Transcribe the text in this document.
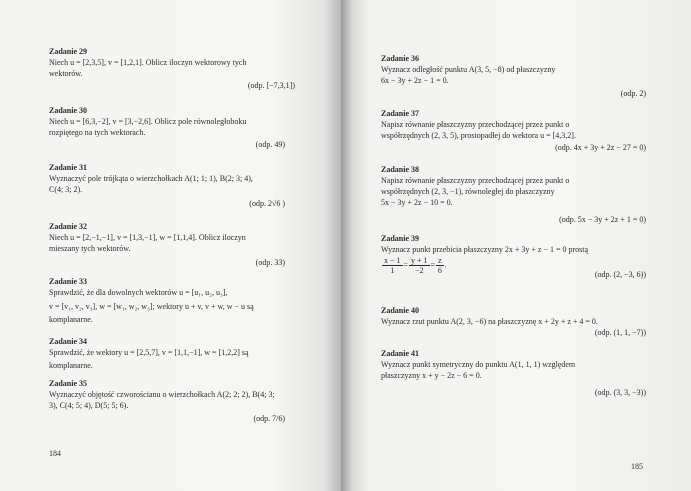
Zadanie 29
Niech u = [2,3,5], v = [1,2,1]. Oblicz iloczyn wektorowy tych
wektorów.
(odp. [−7,3,1])
Zadanie 30
Niech u = [6,3,−2], v = [3,−2,6]. Oblicz pole równoległoboku
rozpiętego na tych wektorach.
(odp. 49)
Zadanie 31
Wyznaczyć pole trójkąta o wierzchołkach A(1; 1; 1), B(2; 3; 4),
C(4; 3; 2).
(odp. 2√6 )
Zadanie 32
Niech u = [2,−1,−1], v = [1,3,−1], w = [1,1,4]. Oblicz iloczyn
mieszany tych wektorów.
(odp. 33)
Zadanie 33
Sprawdzić, że dla dowolnych wektorów u = [u₁, u₂, u₃],
v = [v₁, v₂, v₃], w = [w₁, w₂, w₃]; wektory u + v, v + w, w − u są
komplanarne.
Zadanie 34
Sprawdzić, że wektory u = [2,5,7], v = [1,1,−1], w = [1,2,2] są
komplanarne.
Zadanie 35
Wyznaczyć objętość czworościanu o wierzchołkach A(2; 2; 2), B(4; 3;
3), C(4; 5; 4), D(5; 5; 6).
(odp. 7/6)
184
Zadanie 36
Wyznacz odległość punktu A(3, 5, −8) od płaszczyzny
6x − 3y + 2z − 1 = 0.
(odp. 2)
Zadanie 37
Napisz równanie płaszczyzny przechodzącej przez punkt o
współrzędnych (2, 3, 5), prostopadłej do wektora u = [4,3,2].
(odp. 4x + 3y + 2z − 27 = 0)
Zadanie 38
Napisz równanie płaszczyzny przechodzącej przez punkt o
współrzędnych (2, 3, −1), równoległej do płaszczyzny
5x − 3y + 2z − 10 = 0.
(odp. 5x − 3y + 2z + 1 = 0)
Zadanie 39
Wyznacz punkt przebicia płaszczyzny 2x + 3y + z − 1 = 0 prostą
$\frac{x - 1}{1} = \frac{y + 1}{-2} = \frac{z}{6}$ .
(odp. (2, −3, 6))
Zadanie 40
Wyznacz rzut punktu A(2, 3, −6) na płaszczyznę x + 2y + z + 4 = 0.
(odp. (1, 1, −7))
Zadanie 41
Wyznacz punkt symetryczny do punktu A(1, 1, 1) względem
płaszczyzny x + y − 2z − 6 = 0.
(odp. (3, 3, −3))
185
